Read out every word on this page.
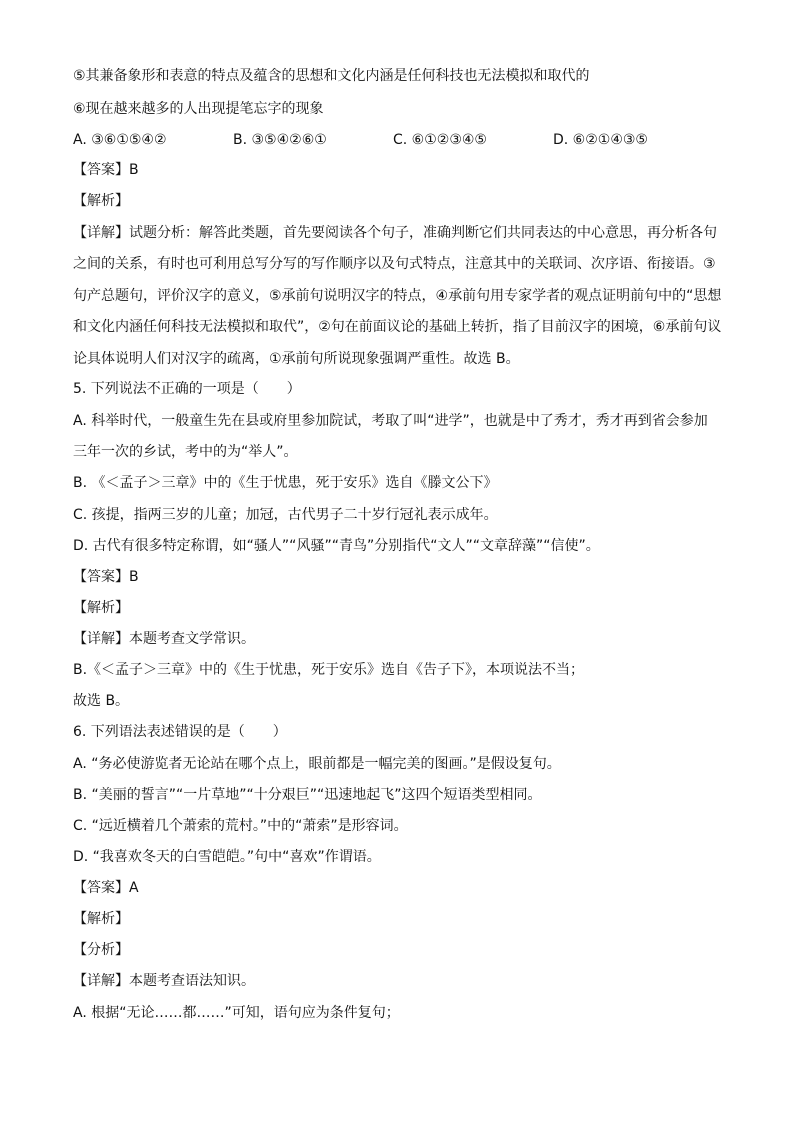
⑤其兼备象形和表意的特点及蕴含的思想和文化内涵是任何科技也无法模拟和取代的
⑥现在越来越多的人出现提笔忘字的现象
A. ③⑥①⑤④②	B. ③⑤④②⑥①	C. ⑥①②③④⑤	D. ⑥②①④③⑤
【答案】B
【解析】
【详解】试题分析：解答此类题，首先要阅读各个句子，准确判断它们共同表达的中心意思，再分析各句
之间的关系，有时也可利用总写分写的写作顺序以及句式特点，注意其中的关联词、次序语、衔接语。③
句产总题句，评价汉字的意义，⑤承前句说明汉字的特点，④承前句用专家学者的观点证明前句中的“思想
和文化内涵任何科技无法模拟和取代”，②句在前面议论的基础上转折，指了目前汉字的困境，⑥承前句议
论具体说明人们对汉字的疏离，①承前句所说现象强调严重性。故选 B。
5. 下列说法不正确的一项是（　　）
A. 科举时代，一般童生先在县或府里参加院试，考取了叫“进学”，也就是中了秀才，秀才再到省会参加
三年一次的乡试，考中的为“举人”。
B. 《＜孟子＞三章》中的《生于忧患，死于安乐》选自《滕文公下》
C. 孩提，指两三岁的儿童；加冠，古代男子二十岁行冠礼表示成年。
D. 古代有很多特定称谓，如“骚人”“风骚”“青鸟”分别指代“文人”“文章辞藻”“信使”。
【答案】B
【解析】
【详解】本题考查文学常识。
B.《＜孟子＞三章》中的《生于忧患，死于安乐》选自《告子下》，本项说法不当；
故选 B。
6. 下列语法表述错误的是（　　）
A. “务必使游览者无论站在哪个点上，眼前都是一幅完美的图画。”是假设复句。
B. “美丽的誓言”“一片草地”“十分艰巨”“迅速地起飞”这四个短语类型相同。
C. “远近横着几个萧索的荒村。”中的“萧索”是形容词。
D. “我喜欢冬天的白雪皑皑。”句中“喜欢”作谓语。
【答案】A
【解析】
【分析】
【详解】本题考查语法知识。
A. 根据“无论……都……”可知，语句应为条件复句；
